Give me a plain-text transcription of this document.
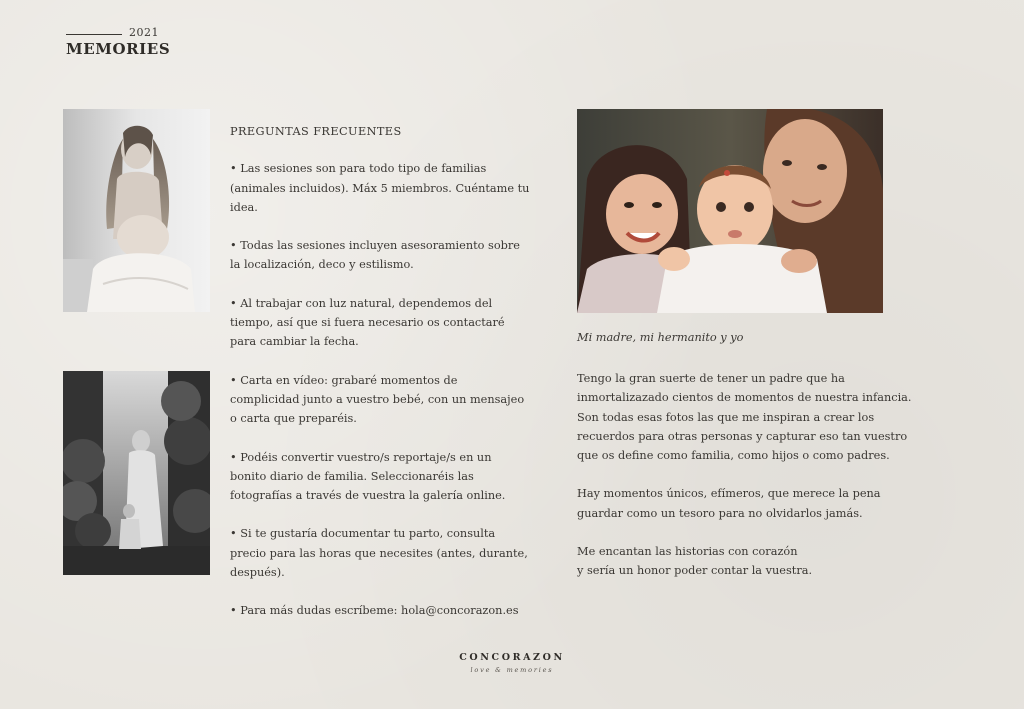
2021
MEMORIES
PREGUNTAS FRECUENTES
• Las sesiones son para todo tipo de familias (animales incluidos). Máx 5 miembros. Cuéntame tu idea.
• Todas las sesiones incluyen asesoramiento sobre la localización, deco y estilismo.
• Al trabajar con luz natural, dependemos del tiempo, así que si fuera necesario os contactaré para cambiar la fecha.
• Carta en vídeo: grabaré momentos de complicidad junto a vuestro bebé, con un mensajeo o carta que preparéis.
• Podéis convertir vuestro/s reportaje/s en un bonito diario de familia. Seleccionaréis las fotografías a través de vuestra la galería online.
• Si te gustaría documentar tu parto, consulta precio para las horas que necesites (antes, durante, después).
• Para más dudas escríbeme: hola@concorazon.es
Mi madre, mi hermanito y yo

Tengo la gran suerte de tener un padre que ha inmortalizazado cientos de momentos de nuestra infancia. Son todas esas fotos las que me inspiran a crear los recuerdos para otras personas y capturar eso tan vuestro que os define como familia, como hijos o como padres.

Hay momentos únicos, efímeros, que merece la pena guardar como un tesoro para no olvidarlos jamás.

Me encantan las historias con corazón
y sería un honor poder contar la vuestra.

CONCORAZON
love & memories
